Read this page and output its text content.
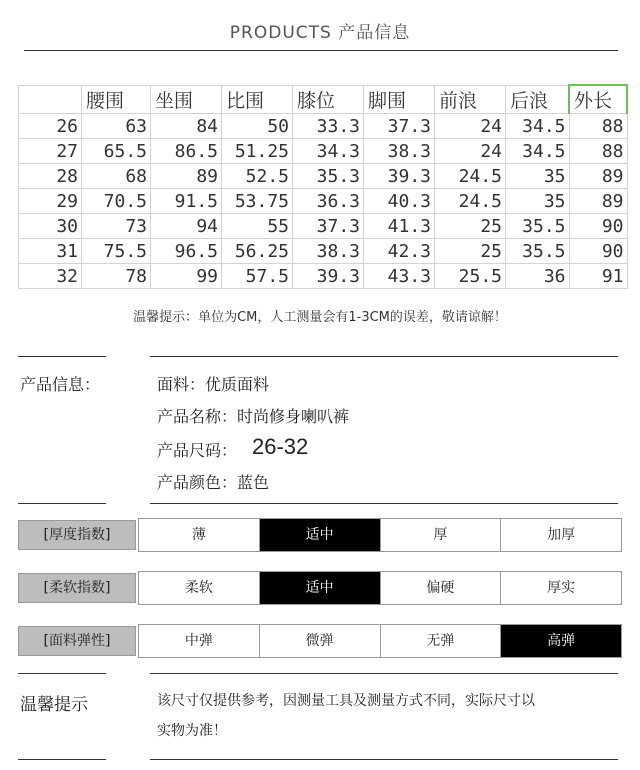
PRODUCTS 产品信息
	腰围	坐围	比围	膝位	脚围	前浪	后浪	外长
26	63	84	50	33.3	37.3	24	34.5	88
27	65.5	86.5	51.25	34.3	38.3	24	34.5	88
28	68	89	52.5	35.3	39.3	24.5	35	89
29	70.5	91.5	53.75	36.3	40.3	24.5	35	89
30	73	94	55	37.3	41.3	25	35.5	90
31	75.5	96.5	56.25	38.3	42.3	25	35.5	90
32	78	99	57.5	39.3	43.3	25.5	36	91
温馨提示：单位为CM，人工测量会有1-3CM的误差，敬请谅解！
产品信息：	面料：优质面料
产品名称：时尚修身喇叭裤
产品尺码： 26-32
产品颜色：蓝色
[厚度指数]	薄	适中	厚	加厚
[柔软指数]	柔软	适中	偏硬	厚实
[面料弹性]	中弹	微弹	无弹	高弹
温馨提示	该尺寸仅提供参考，因测量工具及测量方式不同，实际尺寸以
实物为准！
